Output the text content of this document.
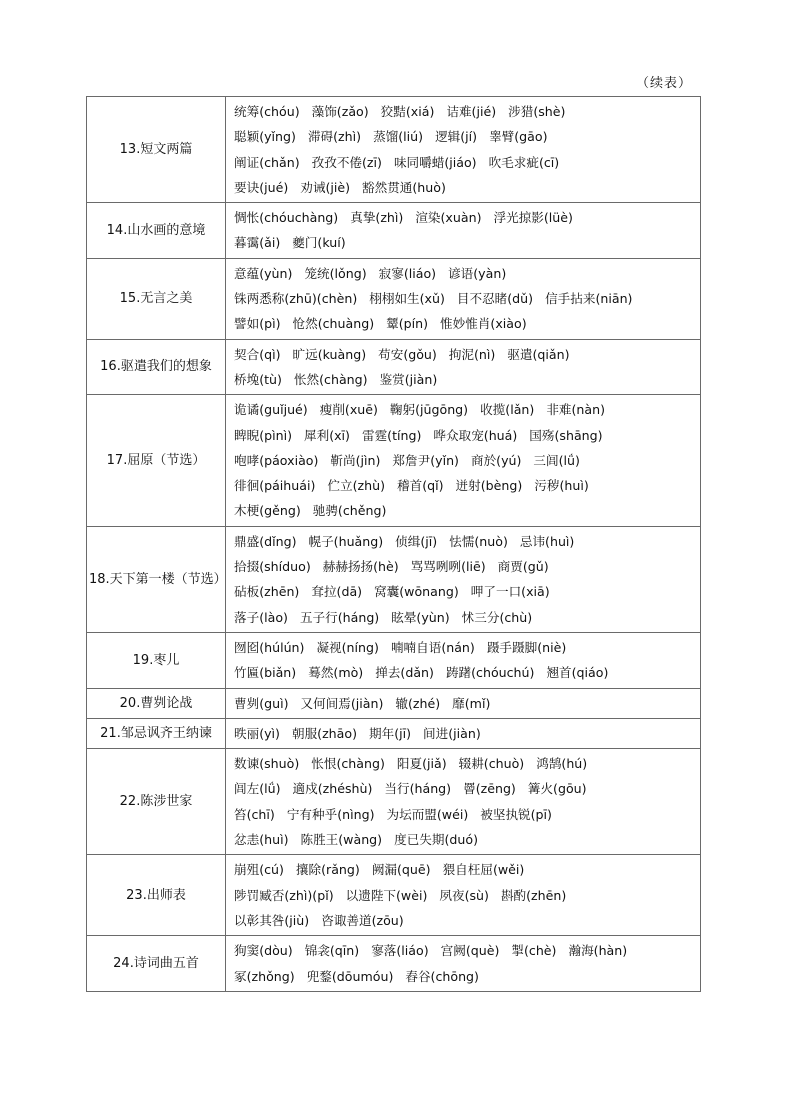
（续表）
13.短文两篇	统筹(chóu) 藻饰(zǎo) 狡黠(xiá) 诘难(jié) 涉猎(shè)
聪颖(yǐng) 滞碍(zhì) 蒸馏(liú) 逻辑(jí) 睾臂(gāo)
阐证(chǎn) 孜孜不倦(zī) 味同嚼蜡(jiáo) 吹毛求疵(cī)
要诀(jué) 劝诫(jiè) 豁然贯通(huò)

14.山水画的意境	惆怅(chóuchàng) 真挚(zhì) 渲染(xuàn) 浮光掠影(lüè)
暮霭(ǎi) 夔门(kuí)

15.无言之美	意蕴(yùn) 笼统(lǒng) 寂寥(liáo) 谚语(yàn)
铢两悉称(zhū)(chèn) 栩栩如生(xǔ) 目不忍睹(dǔ) 信手拈来(niān)
譬如(pì) 怆然(chuàng) 颦(pín) 惟妙惟肖(xiào)

16.驱遣我们的想象	契合(qì) 旷远(kuàng) 苟安(gǒu) 拘泥(nì) 驱遣(qiǎn)
桥堍(tù) 怅然(chàng) 鉴赏(jiàn)

17.屈原（节选）	诡谲(guǐjué) 瘦削(xuē) 鞠躬(jūgōng) 收揽(lǎn) 非难(nàn)
睥睨(pìnì) 犀利(xī) 雷霆(tíng) 哗众取宠(huá) 国殇(shāng)
咆哮(páoxiào) 靳尚(jìn) 郑詹尹(yǐn) 商於(yú) 三闾(lǘ)
徘徊(páihuái) 伫立(zhù) 稽首(qǐ) 迸射(bèng) 污秽(huì)
木梗(gěng) 驰骋(chěng)

18.天下第一楼（节选）	鼎盛(dǐng) 幌子(huǎng) 侦缉(jī) 怯懦(nuò) 忌讳(huì)
拾掇(shíduo) 赫赫扬扬(hè) 骂骂咧咧(liē) 商贾(gǔ)
砧板(zhēn) 耷拉(dā) 窝囊(wōnang) 呷了一口(xiā)
落子(lào) 五子行(háng) 眩晕(yùn) 怵三分(chù)

19.枣儿	囫囵(húlún) 凝视(níng) 喃喃自语(nán) 蹑手蹑脚(niè)
竹匾(biǎn) 蓦然(mò) 掸去(dǎn) 踌躇(chóuchú) 翘首(qiáo)

20.曹刿论战	曹刿(guì) 又何间焉(jiàn) 辙(zhé) 靡(mǐ)

21.邹忌讽齐王纳谏	昳丽(yì) 朝服(zhāo) 期年(jī) 间进(jiàn)

22.陈涉世家	数谏(shuò) 怅恨(chàng) 阳夏(jiǎ) 辍耕(chuò) 鸿鹄(hú)
闾左(lǘ) 適戍(zhéshù) 当行(háng) 罾(zēng) 篝火(gōu)
笞(chī) 宁有种乎(nìng) 为坛而盟(wéi) 被坚执锐(pī)
忿恚(huì) 陈胜王(wàng) 度已失期(duó)

23.出师表	崩殂(cú) 攘除(rǎng) 阙漏(quē) 猥自枉屈(wěi)
陟罚臧否(zhì)(pǐ) 以遗陛下(wèi) 夙夜(sù) 斟酌(zhēn)
以彰其咎(jiù) 咨诹善道(zōu)

24.诗词曲五首	狗窦(dòu) 锦衾(qīn) 寥落(liáo) 宫阙(què) 掣(chè) 瀚海(hàn)
冢(zhǒng) 兜鍪(dōumóu) 舂谷(chōng)
